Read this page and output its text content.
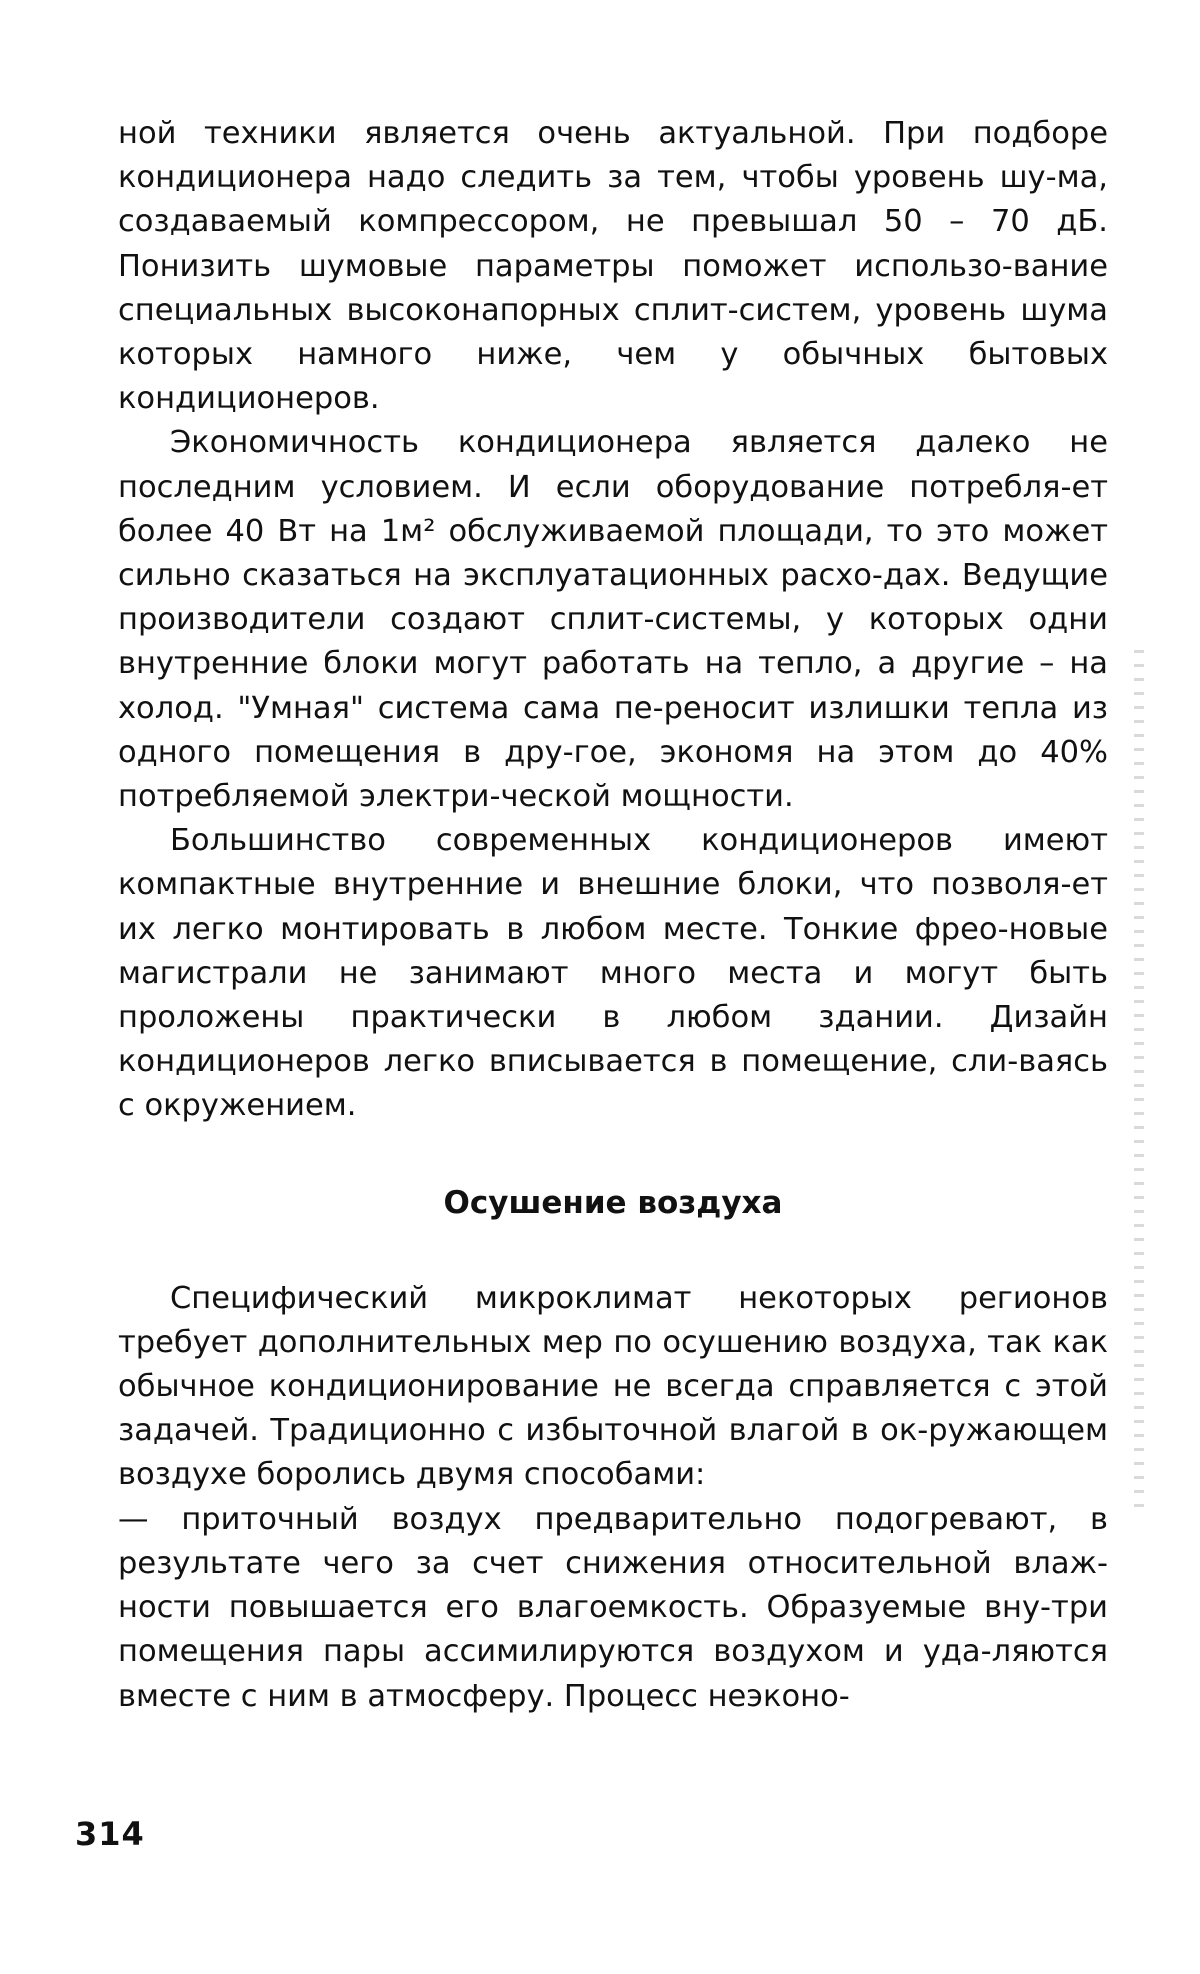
ной техники является очень актуальной. При подборе кондиционера надо следить за тем, чтобы уровень шу-ма, создаваемый компрессором, не превышал 50 – 70 дБ. Понизить шумовые параметры поможет использо-вание специальных высоконапорных сплит-систем, уровень шума которых намного ниже, чем у обычных бытовых кондиционеров.

Экономичность кондиционера является далеко не последним условием. И если оборудование потребля-ет более 40 Вт на 1м² обслуживаемой площади, то это может сильно сказаться на эксплуатационных расхо-дах. Ведущие производители создают сплит-системы, у которых одни внутренние блоки могут работать на тепло, а другие – на холод. "Умная" система сама пе-реносит излишки тепла из одного помещения в дру-гое, экономя на этом до 40% потребляемой электри-ческой мощности.

Большинство современных кондиционеров имеют компактные внутренние и внешние блоки, что позволя-ет их легко монтировать в любом месте. Тонкие фрео-новые магистрали не занимают много места и могут быть проложены практически в любом здании. Дизайн кондиционеров легко вписывается в помещение, сли-ваясь с окружением.

Осушение воздуха

Специфический микроклимат некоторых регионов требует дополнительных мер по осушению воздуха, так как обычное кондиционирование не всегда справляется с этой задачей. Традиционно с избыточной влагой в ок-ружающем воздухе боролись двумя способами:

— приточный воздух предварительно подогревают, в результате чего за счет снижения относительной влаж-ности повышается его влагоемкость. Образуемые вну-три помещения пары ассимилируются воздухом и уда-ляются вместе с ним в атмосферу. Процесс неэконо-

314
